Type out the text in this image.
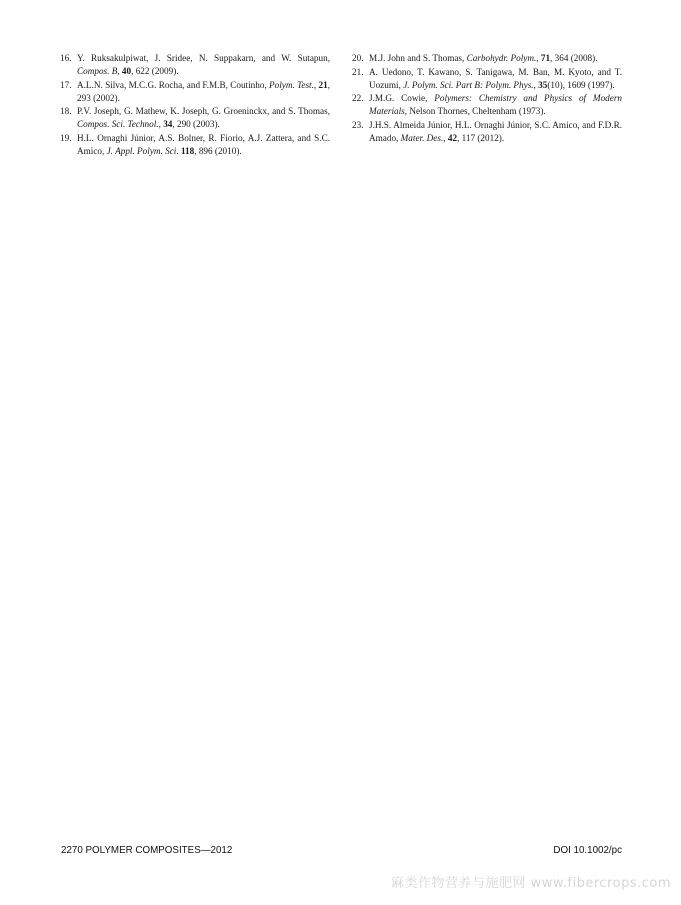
16. Y. Ruksakulpiwat, J. Sridee, N. Suppakarn, and W. Sutapun, Compos. B, 40, 622 (2009).
17. A.L.N. Silva, M.C.G. Rocha, and F.M.B, Coutinho, Polym. Test., 21, 293 (2002).
18. P.V. Joseph, G. Mathew, K. Joseph, G. Groeninckx, and S. Thomas, Compos. Sci. Technol., 34, 290 (2003).
19. H.L. Ornaghi Júnior, A.S. Bolner, R. Fiorio, A.J. Zattera, and S.C. Amico, J. Appl. Polym. Sci. 118, 896 (2010).
20. M.J. John and S. Thomas, Carbohydr. Polym., 71, 364 (2008).
21. A. Uedono, T. Kawano, S. Tanigawa, M. Ban, M. Kyoto, and T. Uozumi, J. Polym. Sci. Part B: Polym. Phys., 35(10), 1609 (1997).
22. J.M.G. Cowie, Polymers: Chemistry and Physics of Modern Materials, Nelson Thornes, Cheltenham (1973).
23. J.H.S. Almeida Júnior, H.L. Ornaghi Júnior, S.C. Amico, and F.D.R. Amado, Mater. Des., 42, 117 (2012).
2270 POLYMER COMPOSITES—2012	DOI 10.1002/pc
麻类作物营养与施肥网 www.fibercrops.com
